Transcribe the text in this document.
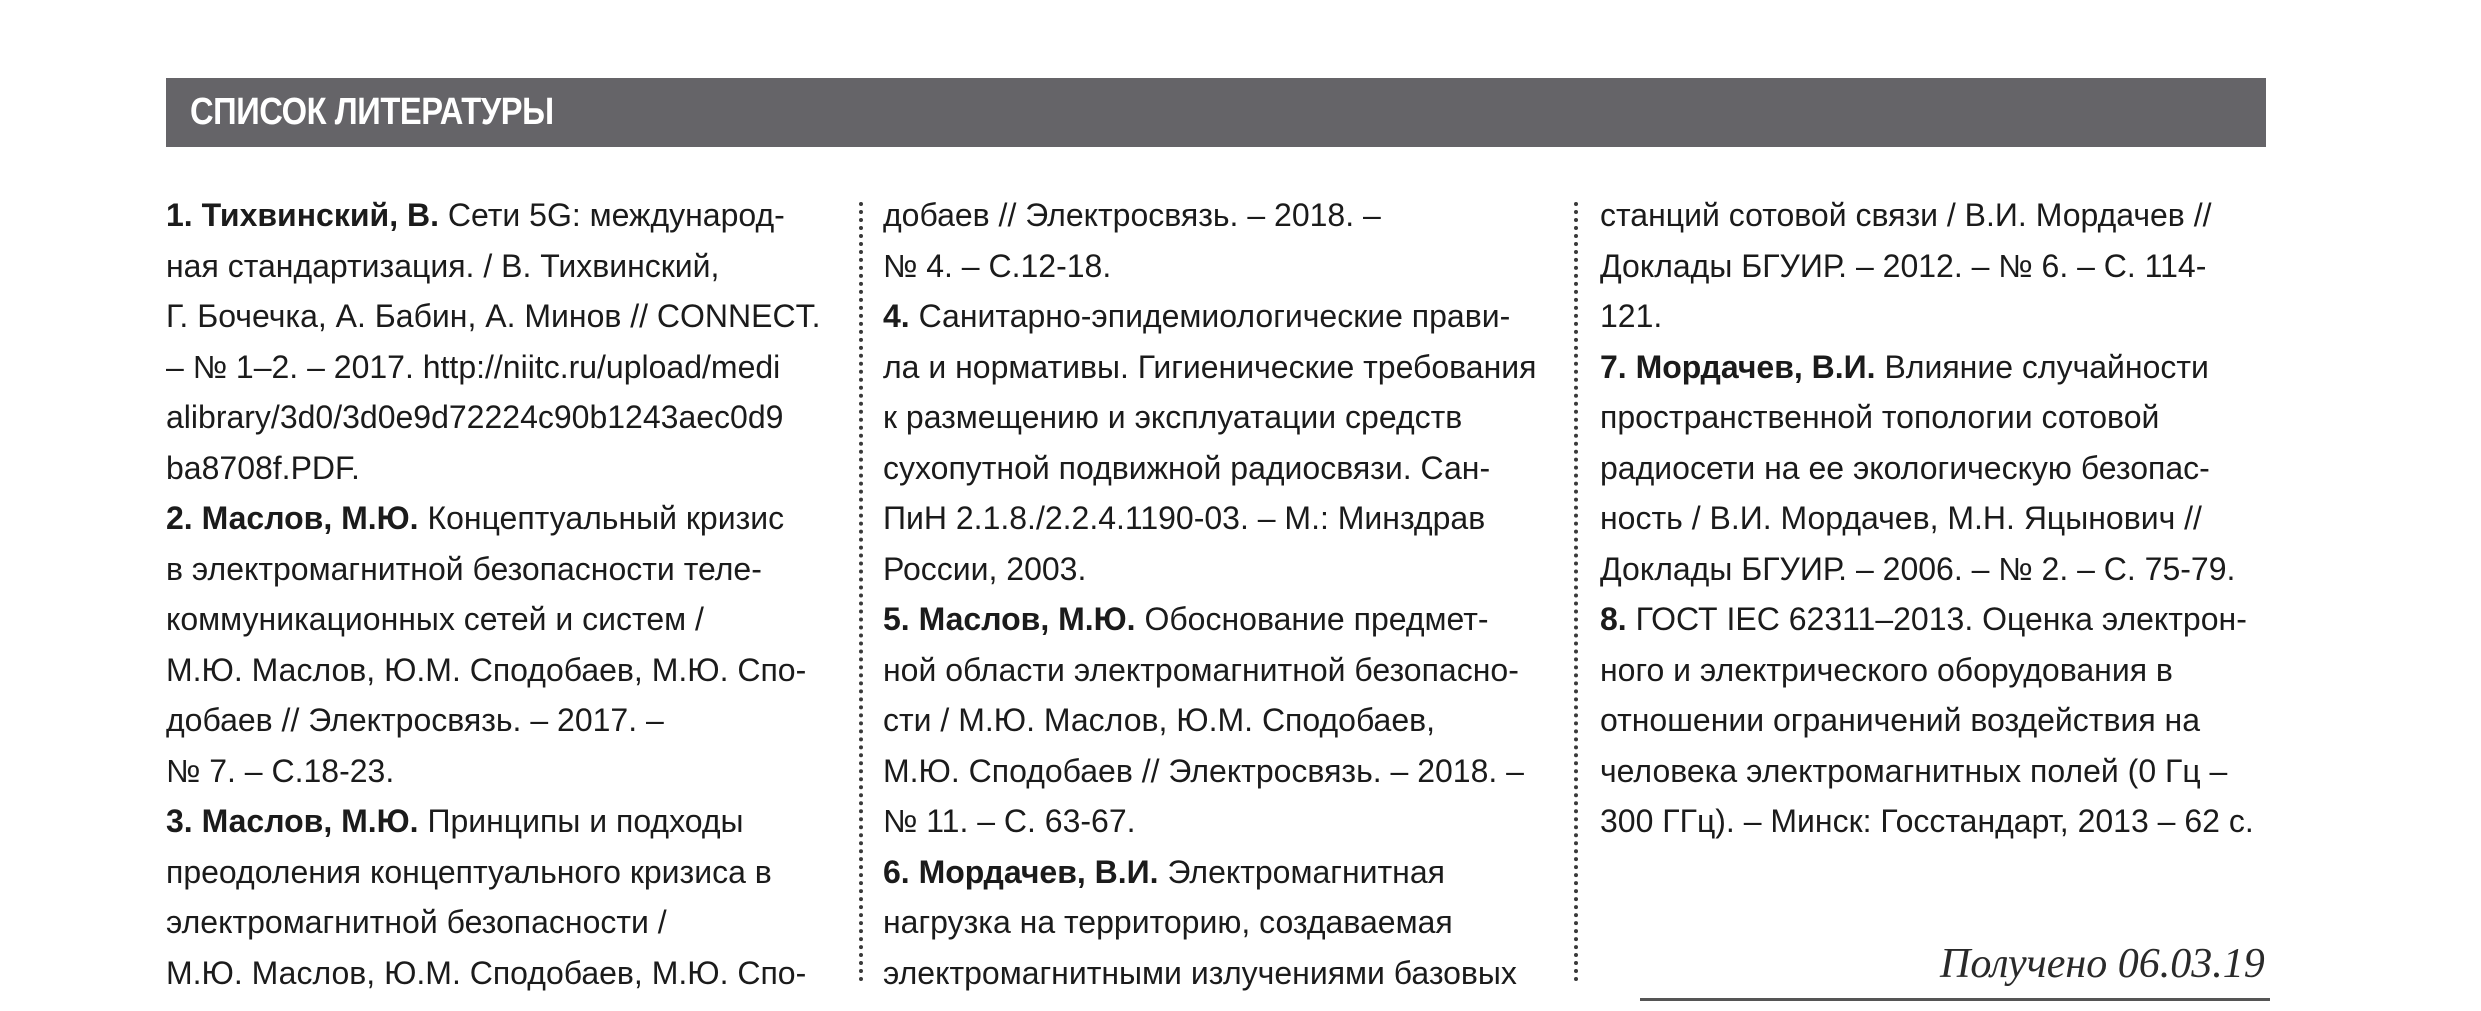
СПИСОК ЛИТЕРАТУРЫ
1. Тихвинский, В. Сети 5G: международ-
ная стандартизация. / В. Тихвинский,
Г. Бочечка, А. Бабин, А. Минов // CONNECT.
– № 1–2. – 2017. http://niitc.ru/upload/medi
alibrary/3d0/3d0e9d72224c90b1243aec0d9
ba8708f.PDF.
2. Маслов, М.Ю. Концептуальный кризис
в электромагнитной безопасности теле-
коммуникационных сетей и систем /
М.Ю. Маслов, Ю.М. Сподобаев, М.Ю. Спо-
добаев // Электросвязь. – 2017. –
№ 7. – С.18-23.
3. Маслов, М.Ю. Принципы и подходы
преодоления концептуального кризиса в
электромагнитной безопасности /
М.Ю. Маслов, Ю.М. Сподобаев, М.Ю. Спо-
добаев // Электросвязь. – 2018. –
№ 4. – С.12-18.
4. Санитарно-эпидемиологические прави-
ла и нормативы. Гигиенические требования
к размещению и эксплуатации средств
сухопутной подвижной радиосвязи. Сан-
ПиН 2.1.8./2.2.4.1190-03. – М.: Минздрав
России, 2003.
5. Маслов, М.Ю. Обоснование предмет-
ной области электромагнитной безопасно-
сти / М.Ю. Маслов, Ю.М. Сподобаев,
М.Ю. Сподобаев // Электросвязь. – 2018. –
№ 11. – С. 63-67.
6. Мордачев, В.И. Электромагнитная
нагрузка на территорию, создаваемая
электромагнитными излучениями базовых
станций сотовой связи / В.И. Мордачев //
Доклады БГУИР. – 2012. – № 6. – С. 114-
121.
7. Мордачев, В.И. Влияние случайности
пространственной топологии сотовой
радиосети на ее экологическую безопас-
ность / В.И. Мордачев, М.Н. Яцынович //
Доклады БГУИР. – 2006. – № 2. – С. 75-79.
8. ГОСТ IEC 62311–2013. Оценка электрон-
ного и электрического оборудования в
отношении ограничений воздействия на
человека электромагнитных полей (0 Гц –
300 ГГц). – Минск: Госстандарт, 2013 – 62 с.
Получено 06.03.19
